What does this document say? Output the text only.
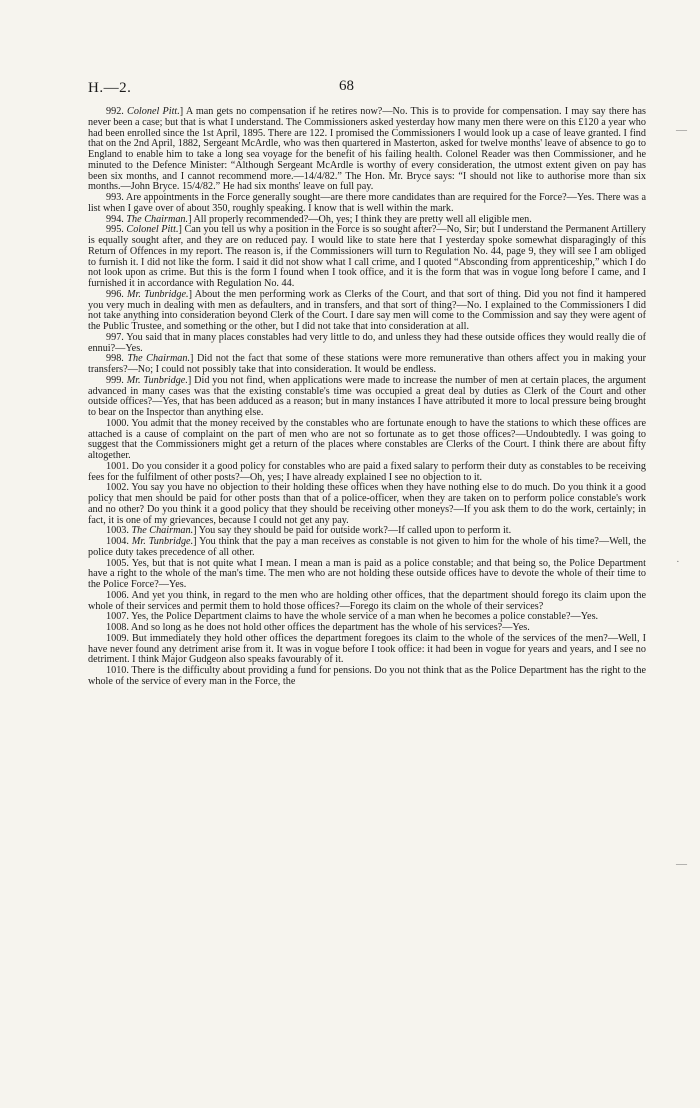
H.—2.	68
—
·
—

992. Colonel Pitt.] A man gets no compensation if he retires now?—No. This is to provide for compensation. I may say there has never been a case; but that is what I understand. The Commissioners asked yesterday how many men there were on this £120 a year who had been enrolled since the 1st April, 1895. There are 122. I promised the Commissioners I would look up a case of leave granted. I find that on the 2nd April, 1882, Sergeant McArdle, who was then quartered in Masterton, asked for twelve months' leave of absence to go to England to enable him to take a long sea voyage for the benefit of his failing health. Colonel Reader was then Commissioner, and he minuted to the Defence Minister: “Although Sergeant McArdle is worthy of every consideration, the utmost extent given on pay has been six months, and I cannot recommend more.—14/4/82.” The Hon. Mr. Bryce says: “I should not like to authorise more than six months.—John Bryce. 15/4/82.” He had six months' leave on full pay.

993. Are appointments in the Force generally sought—are there more candidates than are required for the Force?—Yes. There was a list when I gave over of about 350, roughly speaking. I know that is well within the mark.

994. The Chairman.] All properly recommended?—Oh, yes; I think they are pretty well all eligible men.

995. Colonel Pitt.] Can you tell us why a position in the Force is so sought after?—No, Sir; but I understand the Permanent Artillery is equally sought after, and they are on reduced pay. I would like to state here that I yesterday spoke somewhat disparagingly of this Return of Offences in my report. The reason is, if the Commissioners will turn to Regulation No. 44, page 9, they will see I am obliged to furnish it. I did not like the form. I said it did not show what I call crime, and I quoted “Absconding from apprenticeship,” which I do not look upon as crime. But this is the form I found when I took office, and it is the form that was in vogue long before I came, and I furnished it in accordance with Regulation No. 44.

996. Mr. Tunbridge.] About the men performing work as Clerks of the Court, and that sort of thing. Did you not find it hampered you very much in dealing with men as defaulters, and in transfers, and that sort of thing?—No. I explained to the Commissioners I did not take anything into consideration beyond Clerk of the Court. I dare say men will come to the Commission and say they were agent of the Public Trustee, and something or the other, but I did not take that into consideration at all.

997. You said that in many places constables had very little to do, and unless they had these outside offices they would really die of ennui?—Yes.

998. The Chairman.] Did not the fact that some of these stations were more remunerative than others affect you in making your transfers?—No; I could not possibly take that into consideration. It would be endless.

999. Mr. Tunbridge.] Did you not find, when applications were made to increase the number of men at certain places, the argument advanced in many cases was that the existing constable's time was occupied a great deal by duties as Clerk of the Court and other outside offices?—Yes, that has been adduced as a reason; but in many instances I have attributed it more to local pressure being brought to bear on the Inspector than anything else.

1000. You admit that the money received by the constables who are fortunate enough to have the stations to which these offices are attached is a cause of complaint on the part of men who are not so fortunate as to get those offices?—Undoubtedly. I was going to suggest that the Commissioners might get a return of the places where constables are Clerks of the Court. I think there are about fifty altogether.

1001. Do you consider it a good policy for constables who are paid a fixed salary to perform their duty as constables to be receiving fees for the fulfilment of other posts?—Oh, yes; I have already explained I see no objection to it.

1002. You say you have no objection to their holding these offices when they have nothing else to do much. Do you think it a good policy that men should be paid for other posts than that of a police-officer, when they are taken on to perform police constable's work and no other? Do you think it a good policy that they should be receiving other moneys?—If you ask them to do the work, certainly; in fact, it is one of my grievances, because I could not get any pay.

1003. The Chairman.] You say they should be paid for outside work?—If called upon to perform it.

1004. Mr. Tunbridge.] You think that the pay a man receives as constable is not given to him for the whole of his time?—Well, the police duty takes precedence of all other.

1005. Yes, but that is not quite what I mean. I mean a man is paid as a police constable; and that being so, the Police Department have a right to the whole of the man's time. The men who are not holding these outside offices have to devote the whole of their time to the Police Force?—Yes.

1006. And yet you think, in regard to the men who are holding other offices, that the department should forego its claim upon the whole of their services and permit them to hold those offices?—Forego its claim on the whole of their services?

1007. Yes, the Police Department claims to have the whole service of a man when he becomes a police constable?—Yes.

1008. And so long as he does not hold other offices the department has the whole of his services?—Yes.

1009. But immediately they hold other offices the department foregoes its claim to the whole of the services of the men?—Well, I have never found any detriment arise from it. It was in vogue before I took office: it had been in vogue for years and years, and I see no detriment. I think Major Gudgeon also speaks favourably of it.

1010. There is the difficulty about providing a fund for pensions. Do you not think that as the Police Department has the right to the whole of the service of every man in the Force, the
